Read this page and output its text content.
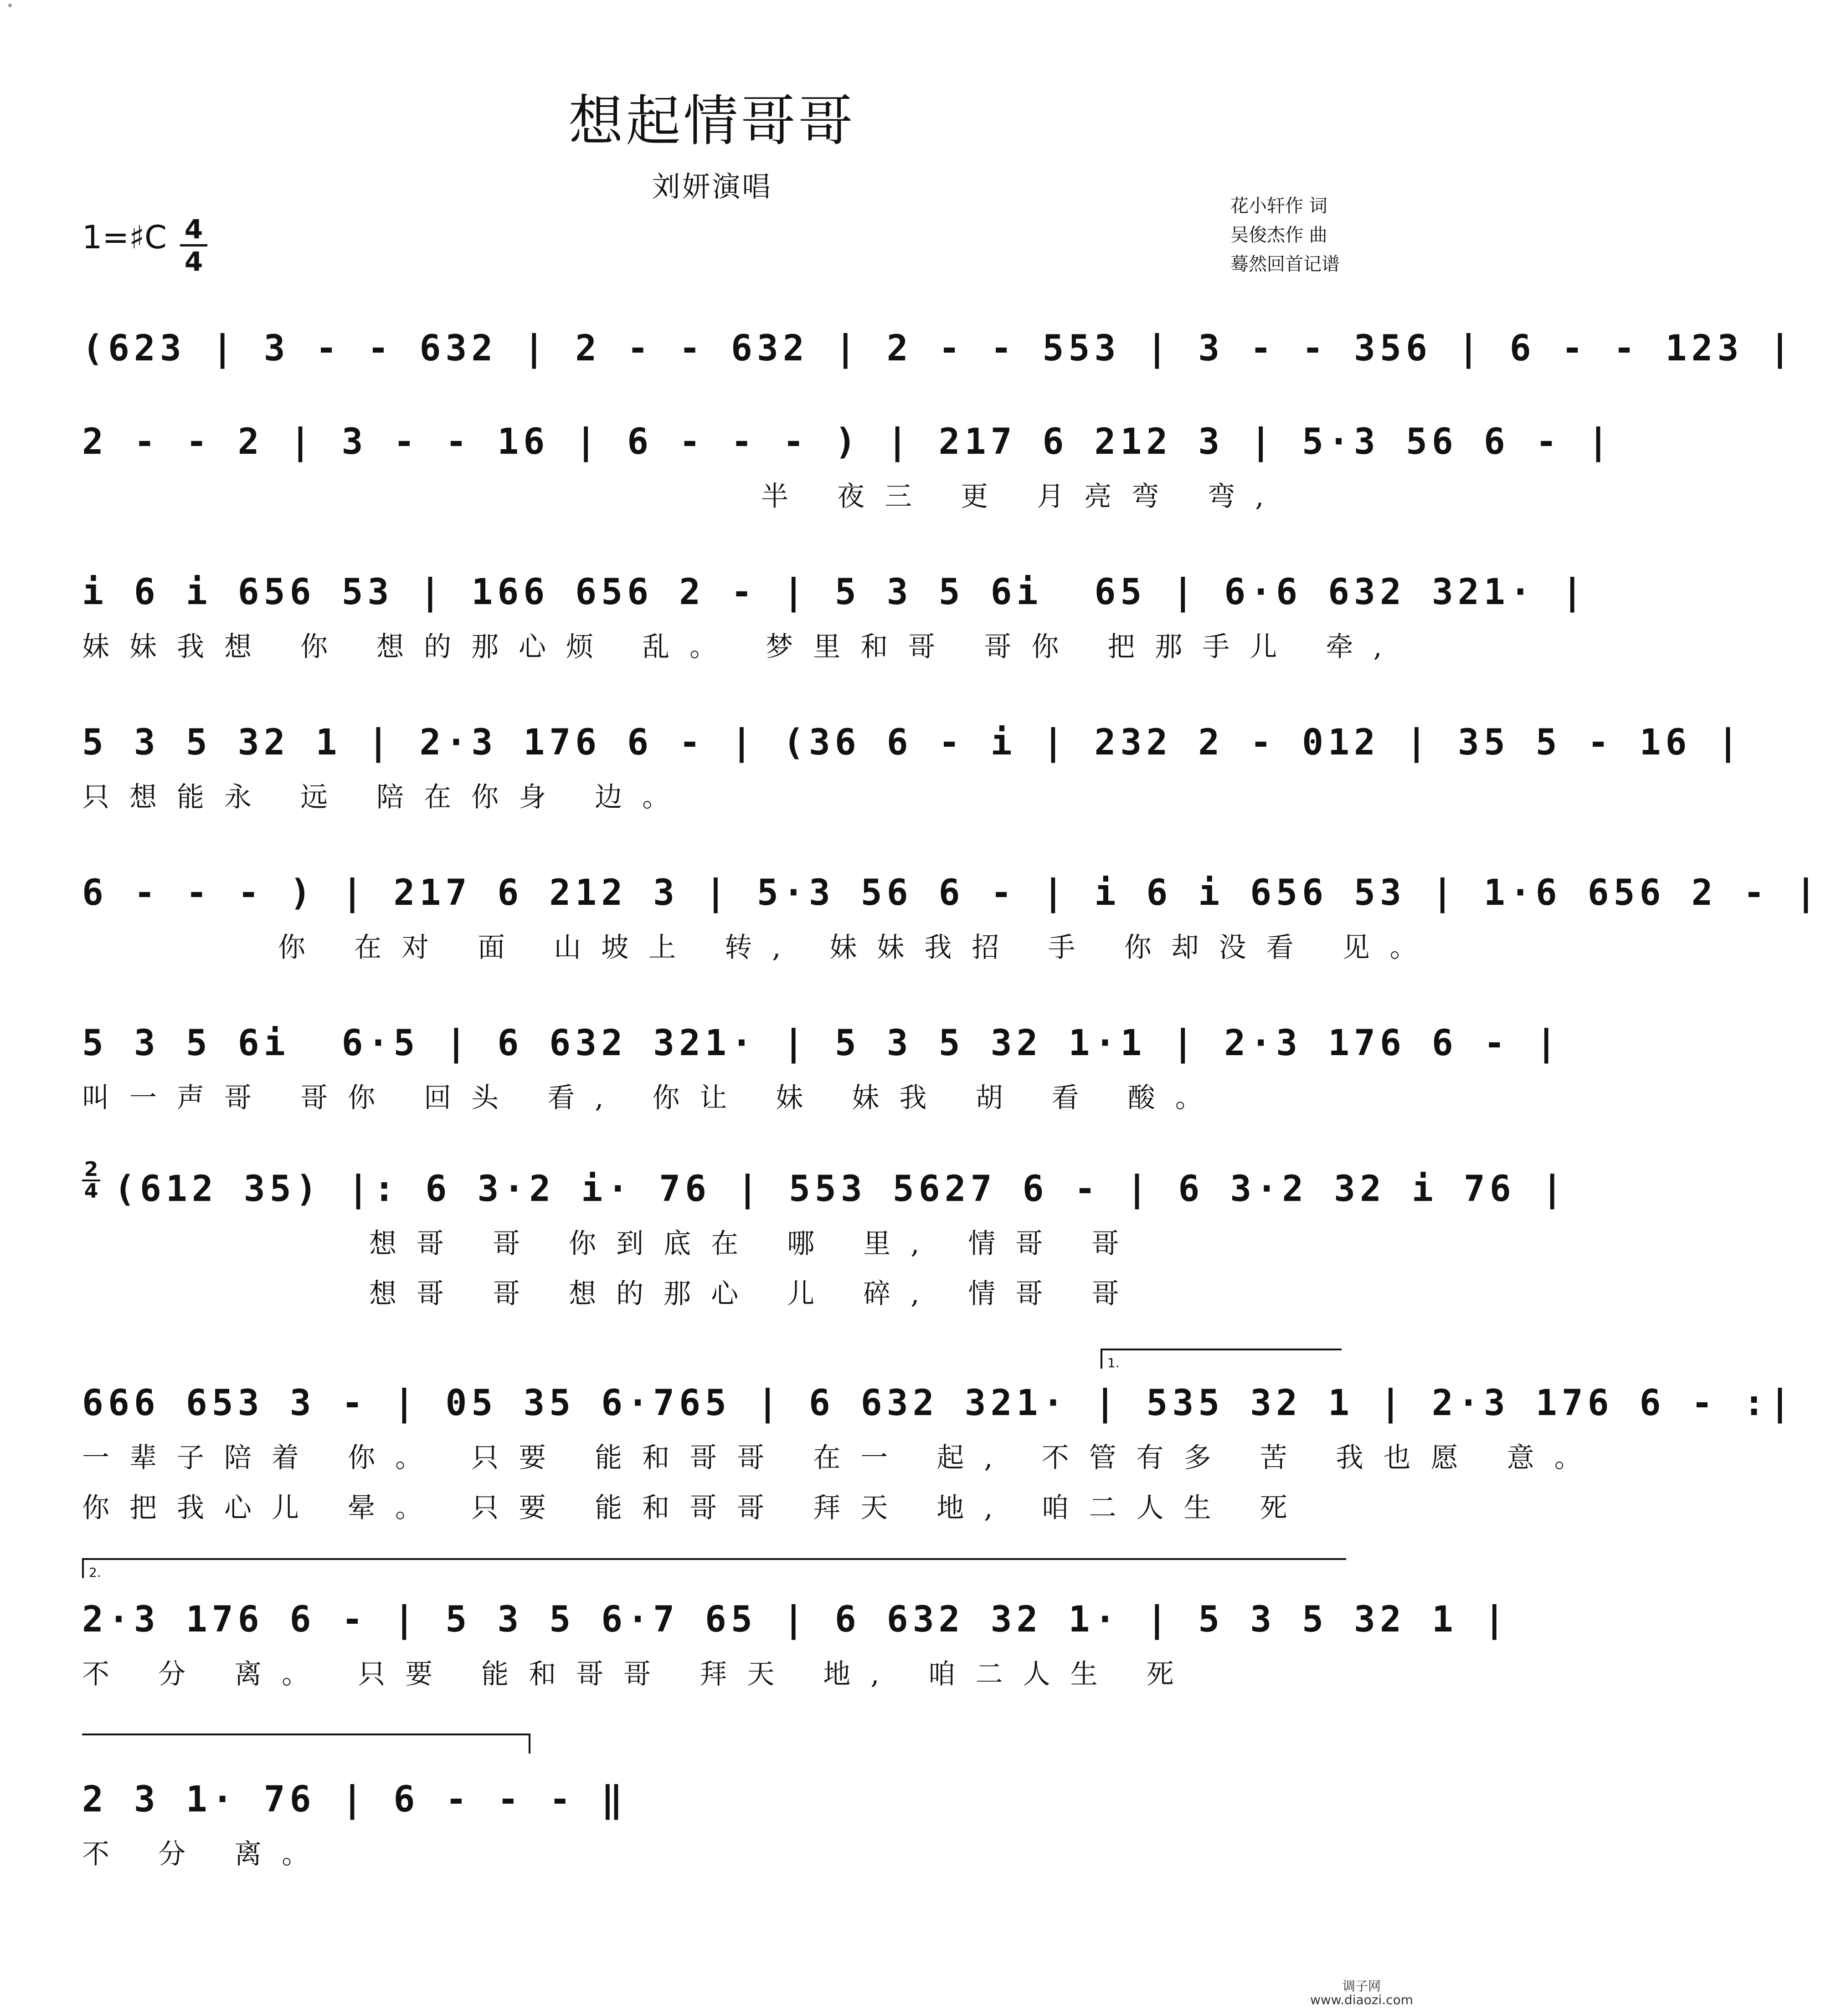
想起情哥哥
刘妍演唱
花小轩作 词
吴俊杰作 曲
蓦然回首记谱
1=♯C 4
4
(623 | 3 - - 632 | 2 - - 632 | 2 - - 553 | 3 - - 356 | 6 - - 123 |
2 - - 2 | 3 - - 16 | 6 - - - ) | 217 6 212 3 | 5·3 56 6 - |
半 夜三 更 月亮弯 弯,
i 6 i 656 53 | 166 656 2 - | 5 3 5 6i  65 | 6·6 632 321· |
妹妹我想 你 想的那心烦 乱。 梦里和哥 哥你 把那手儿 牵,
5 3 5 32 1 | 2·3 176 6 - | (36 6 - i | 232 2 - 012 | 35 5 - 16 |
只想能永 远 陪在你身 边。
6 - - - ) | 217 6 212 3 | 5·3 56 6 - | i 6 i 656 53 | 1·6 656 2 - |
你 在对 面 山坡上 转, 妹妹我招 手 你却没看 见。
5 3 5 6i  6·5 | 6 632 321· | 5 3 5 32 1·1 | 2·3 176 6 - |
叫一声哥 哥你 回头 看, 你让 妹 妹我 胡 看 酸。
2
4 (612 35) |: 6 3·2 i· 76 | 553 5627 6 - | 6 3·2 32 i 76 |
想哥 哥 你到底在 哪 里, 情哥 哥
想哥 哥 想的那心 儿 碎, 情哥 哥
1.
666 653 3 - | 05 35 6·765 | 6 632 321· | 535 32 1 | 2·3 176 6 - :|
一辈子陪着 你。 只要 能和哥哥 在一 起, 不管有多 苦 我也愿 意。
你把我心儿 晕。 只要 能和哥哥 拜天 地, 咱二人生 死
2.
2·3 176 6 - | 5 3 5 6·7 65 | 6 632 32 1· | 5 3 5 32 1 |
不 分 离。 只要 能和哥哥 拜天 地, 咱二人生 死
2 3 1· 76 | 6 - - - ‖
不 分 离。
调子网
www.diaozi.com
